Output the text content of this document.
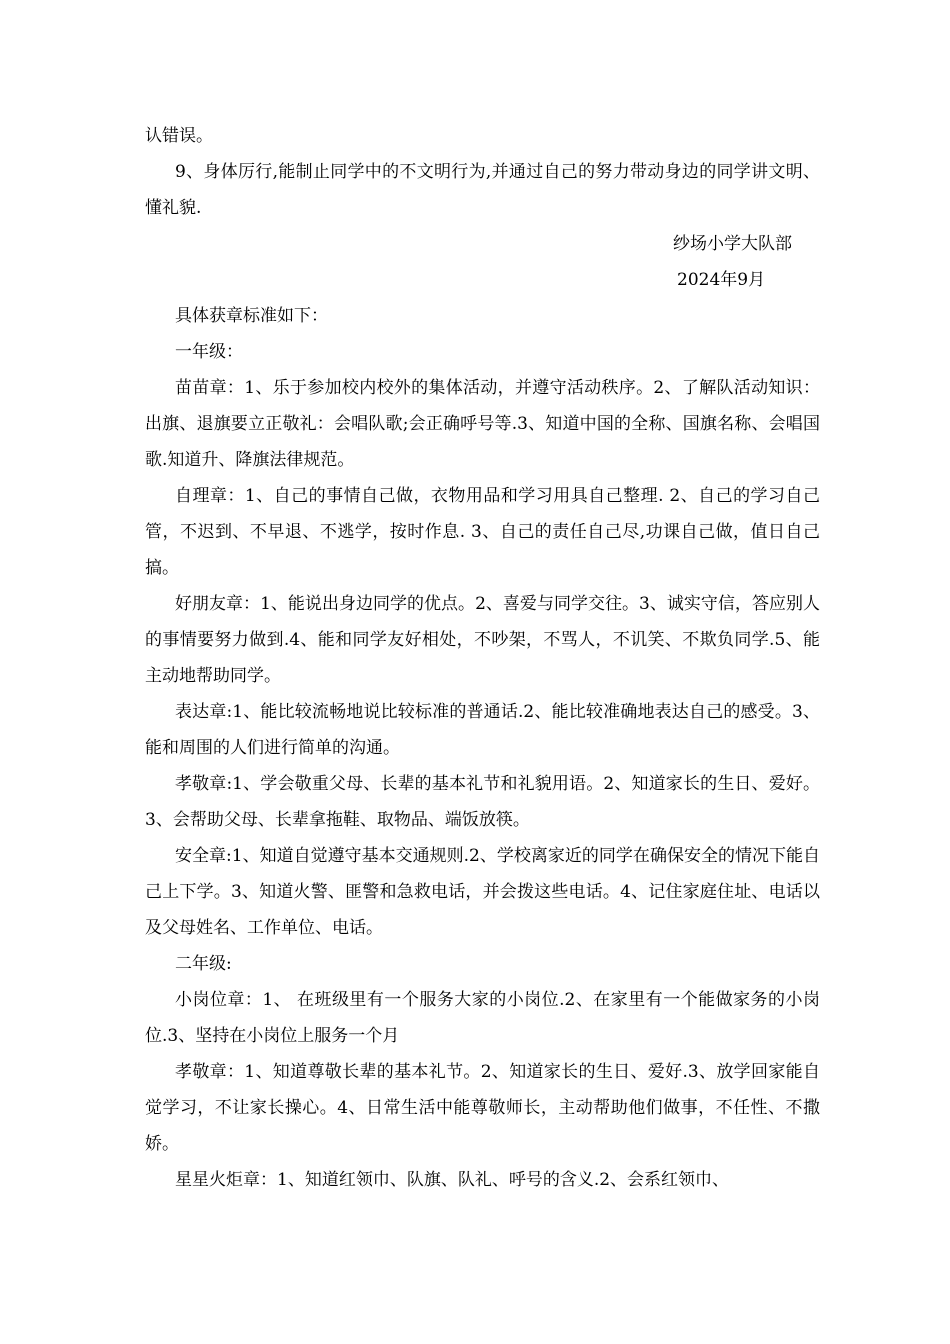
认错误。

9、身体厉行,能制止同学中的不文明行为,并通过自己的努力带动身边的同学讲文明、懂礼貌.

纱场小学大队部

2024年9月

具体获章标准如下：

一年级：

苗苗章：1、乐于参加校内校外的集体活动，并遵守活动秩序。2、了解队活动知识：出旗、退旗要立正敬礼：会唱队歌;会正确呼号等.3、知道中国的全称、国旗名称、会唱国歌.知道升、降旗法律规范。

自理章：1、自己的事情自己做，衣物用品和学习用具自己整理. 2、自己的学习自己管，不迟到、不早退、不逃学，按时作息. 3、自己的责任自己尽,功课自己做，值日自己搞。

好朋友章：1、能说出身边同学的优点。2、喜爱与同学交往。3、诚实守信，答应别人的事情要努力做到.4、能和同学友好相处，不吵架，不骂人，不讥笑、不欺负同学.5、能主动地帮助同学。

表达章:1、能比较流畅地说比较标准的普通话.2、能比较准确地表达自己的感受。3、能和周围的人们进行简单的沟通。

孝敬章:1、学会敬重父母、长辈的基本礼节和礼貌用语。2、知道家长的生日、爱好。3、会帮助父母、长辈拿拖鞋、取物品、端饭放筷。

安全章:1、知道自觉遵守基本交通规则.2、学校离家近的同学在确保安全的情况下能自己上下学。3、知道火警、匪警和急救电话，并会拨这些电话。4、记住家庭住址、电话以及父母姓名、工作单位、电话。

二年级:

小岗位章：1、 在班级里有一个服务大家的小岗位.2、在家里有一个能做家务的小岗位.3、坚持在小岗位上服务一个月

孝敬章：1、知道尊敬长辈的基本礼节。2、知道家长的生日、爱好.3、放学回家能自觉学习，不让家长操心。4、日常生活中能尊敬师长，主动帮助他们做事，不任性、不撒娇。

星星火炬章：1、知道红领巾、队旗、队礼、呼号的含义.2、会系红领巾、
